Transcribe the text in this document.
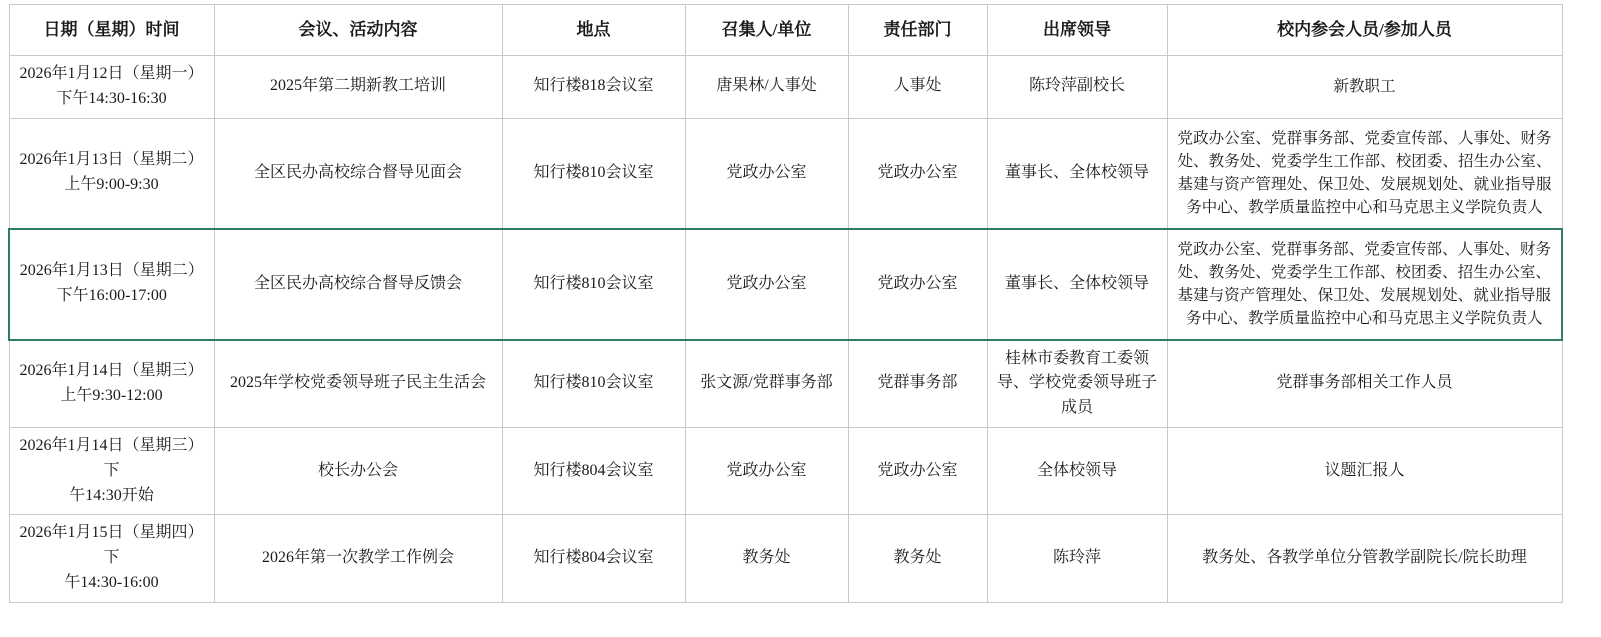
日期（星期）时间	会议、活动内容	地点	召集人/单位	责任部门	出席领导	校内参会人员/参加人员

2026年1月12日（星期一）
下午14:30-16:30	2025年第二期新教工培训	知行楼818会议室	唐果林/人事处	人事处	陈玲萍副校长	新教职工

2026年1月13日（星期二）
上午9:00-9:30	全区民办高校综合督导见面会	知行楼810会议室	党政办公室	党政办公室	董事长、全体校领导	党政办公室、党群事务部、党委宣传部、人事处、财务处、教务处、党委学生工作部、校团委、招生办公室、基建与资产管理处、保卫处、发展规划处、就业指导服务中心、教学质量监控中心和马克思主义学院负责人

2026年1月13日（星期二）
下午16:00-17:00	全区民办高校综合督导反馈会	知行楼810会议室	党政办公室	党政办公室	董事长、全体校领导	党政办公室、党群事务部、党委宣传部、人事处、财务处、教务处、党委学生工作部、校团委、招生办公室、基建与资产管理处、保卫处、发展规划处、就业指导服务中心、教学质量监控中心和马克思主义学院负责人

2026年1月14日（星期三）
上午9:30-12:00	2025年学校党委领导班子民主生活会	知行楼810会议室	张文源/党群事务部	党群事务部	桂林市委教育工委领导、学校党委领导班子成员	党群事务部相关工作人员

2026年1月14日（星期三）下
午14:30开始	校长办公会	知行楼804会议室	党政办公室	党政办公室	全体校领导	议题汇报人

2026年1月15日（星期四）下
午14:30-16:00	2026年第一次教学工作例会	知行楼804会议室	教务处	教务处	陈玲萍	教务处、各教学单位分管教学副院长/院长助理
